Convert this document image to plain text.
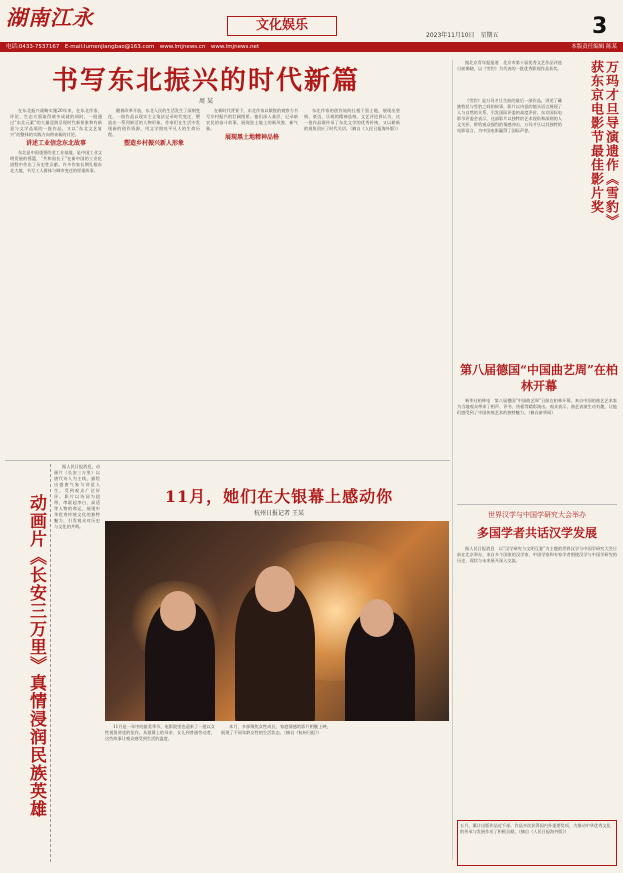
湖南江永	文化娱乐
2023年11月10日　星期五	3
电话:0433-7537167　E-mail:lumenjiangbao@163.com　www.lmjnews.cn　www.lmjnews.net	本版责任编辑 陈某
书写东北振兴的时代新篇
周 某

在东北振兴战略实施20年来，在东北作家、评论、生态方面取得诸多成就的同时，一批通过“东北元素”的大量浸润呈现时代新景象和有新意与文学品质的一批作品，又以“东北文艺复兴”的整体的实践方向带来新的讨论。

讲述工业信念东北故事

东北是中国重要的老工业基地，是中国工业文明发展的摇篮，“共和国长子”在新中国的工业化进程中作出了历史性贡献。许多作家长期扎根东北大地，书写工人群体与城市变迁的厚重故事。

随着改革开放，东北人民的生活发生了深刻变化，一批作品以现实主义笔法记录时代变迁，塑造出一系列鲜活的人物形象。作家们在生活中发现新的创作资源，用文学照亮平凡人的生命历程。

塑造乡村振兴新人形象

在新时代背景下，东北作家以敏锐的观察力书写乡村振兴的壮阔图景。他们深入基层，记录新农民的奋斗故事，展现黑土地上的新风貌、新气象。

展现黑土地精神品格

东北作家的创作始终扎根于黑土地，展现出坚韧、豪迈、乐观的精神品格。文艺评论界认为，这一批作品既传承了东北文学的优秀传统，又以崭新的视角回应了时代关切。（摘自《人民日报海外版》）

动画片《长安三万里》真情浸润民族英雄

据人民日报消息，动画片《长安三万里》以唐代诗人为主线，描绘出盛唐气象与诗意人生，受到观众广泛好评。影片以诗词为纽带，串联起李白、高适等人物的命运，展现中华优秀传统文化的独特魅力，引发观众对历史与文化的共鸣。

11月，她们在大银幕上感动你
杭州日报记者 王某

11月是一年中的最美季节，电影院里也迎来了一批以女性视角讲述的佳作。从银幕上的母亲、女儿到普通劳动者，这些故事让观众感受到生活的温度。

本月，多部聚焦女性成长、家庭情感的影片相继上映，展现了不同年龄女性的生活状态。（摘自《杭州日报》）

据北京青年报报道　北京市第十届优秀文艺作品评选日前揭晓，以《雪豹》为代表的一批优秀影视作品获奖。	万玛才旦导演遗作《雪豹》获东京电影节最佳影片奖

《雪豹》是万玛才旦生前的最后一部作品，讲述了藏族牧民与雪豹之间的故事，影片以诗意的镜头语言展现了人与自然的关系，引发国际评委的高度评价。东京国际电影节评委会表示，这部影片以独特的艺术视角和深刻的人文关怀，带给观众强烈的情感冲击。万玛才旦以其独特的电影语言，为中国电影赢得了国际声誉。

第八届德国“中国曲艺周”在柏林开幕

新华社柏林电　第八届德国“中国曲艺周”日前在柏林开幕，来自中国的曲艺艺术家为当地观众带来了相声、评书、快板等精彩演出。观众表示，曲艺表演生动有趣，让他们感受到了中国传统艺术的独特魅力。（摘自新华网）

世界汉学与中国学研究大会举办
多国学者共话汉学发展

据人民日报消息　以“汉学研究与文明互鉴”为主题的世界汉学与中国学研究大会日前在北京举办，来自多个国家的汉学家、中国学家和专家学者围绕汉学与中国学研究的历史、现状与未来展开深入交流。

五月，累计出版作品近千部，作品多次获得国内外重要奖项，为推动中华优秀文化的传承与发展作出了积极贡献。（摘自《人民日报海外版》）
